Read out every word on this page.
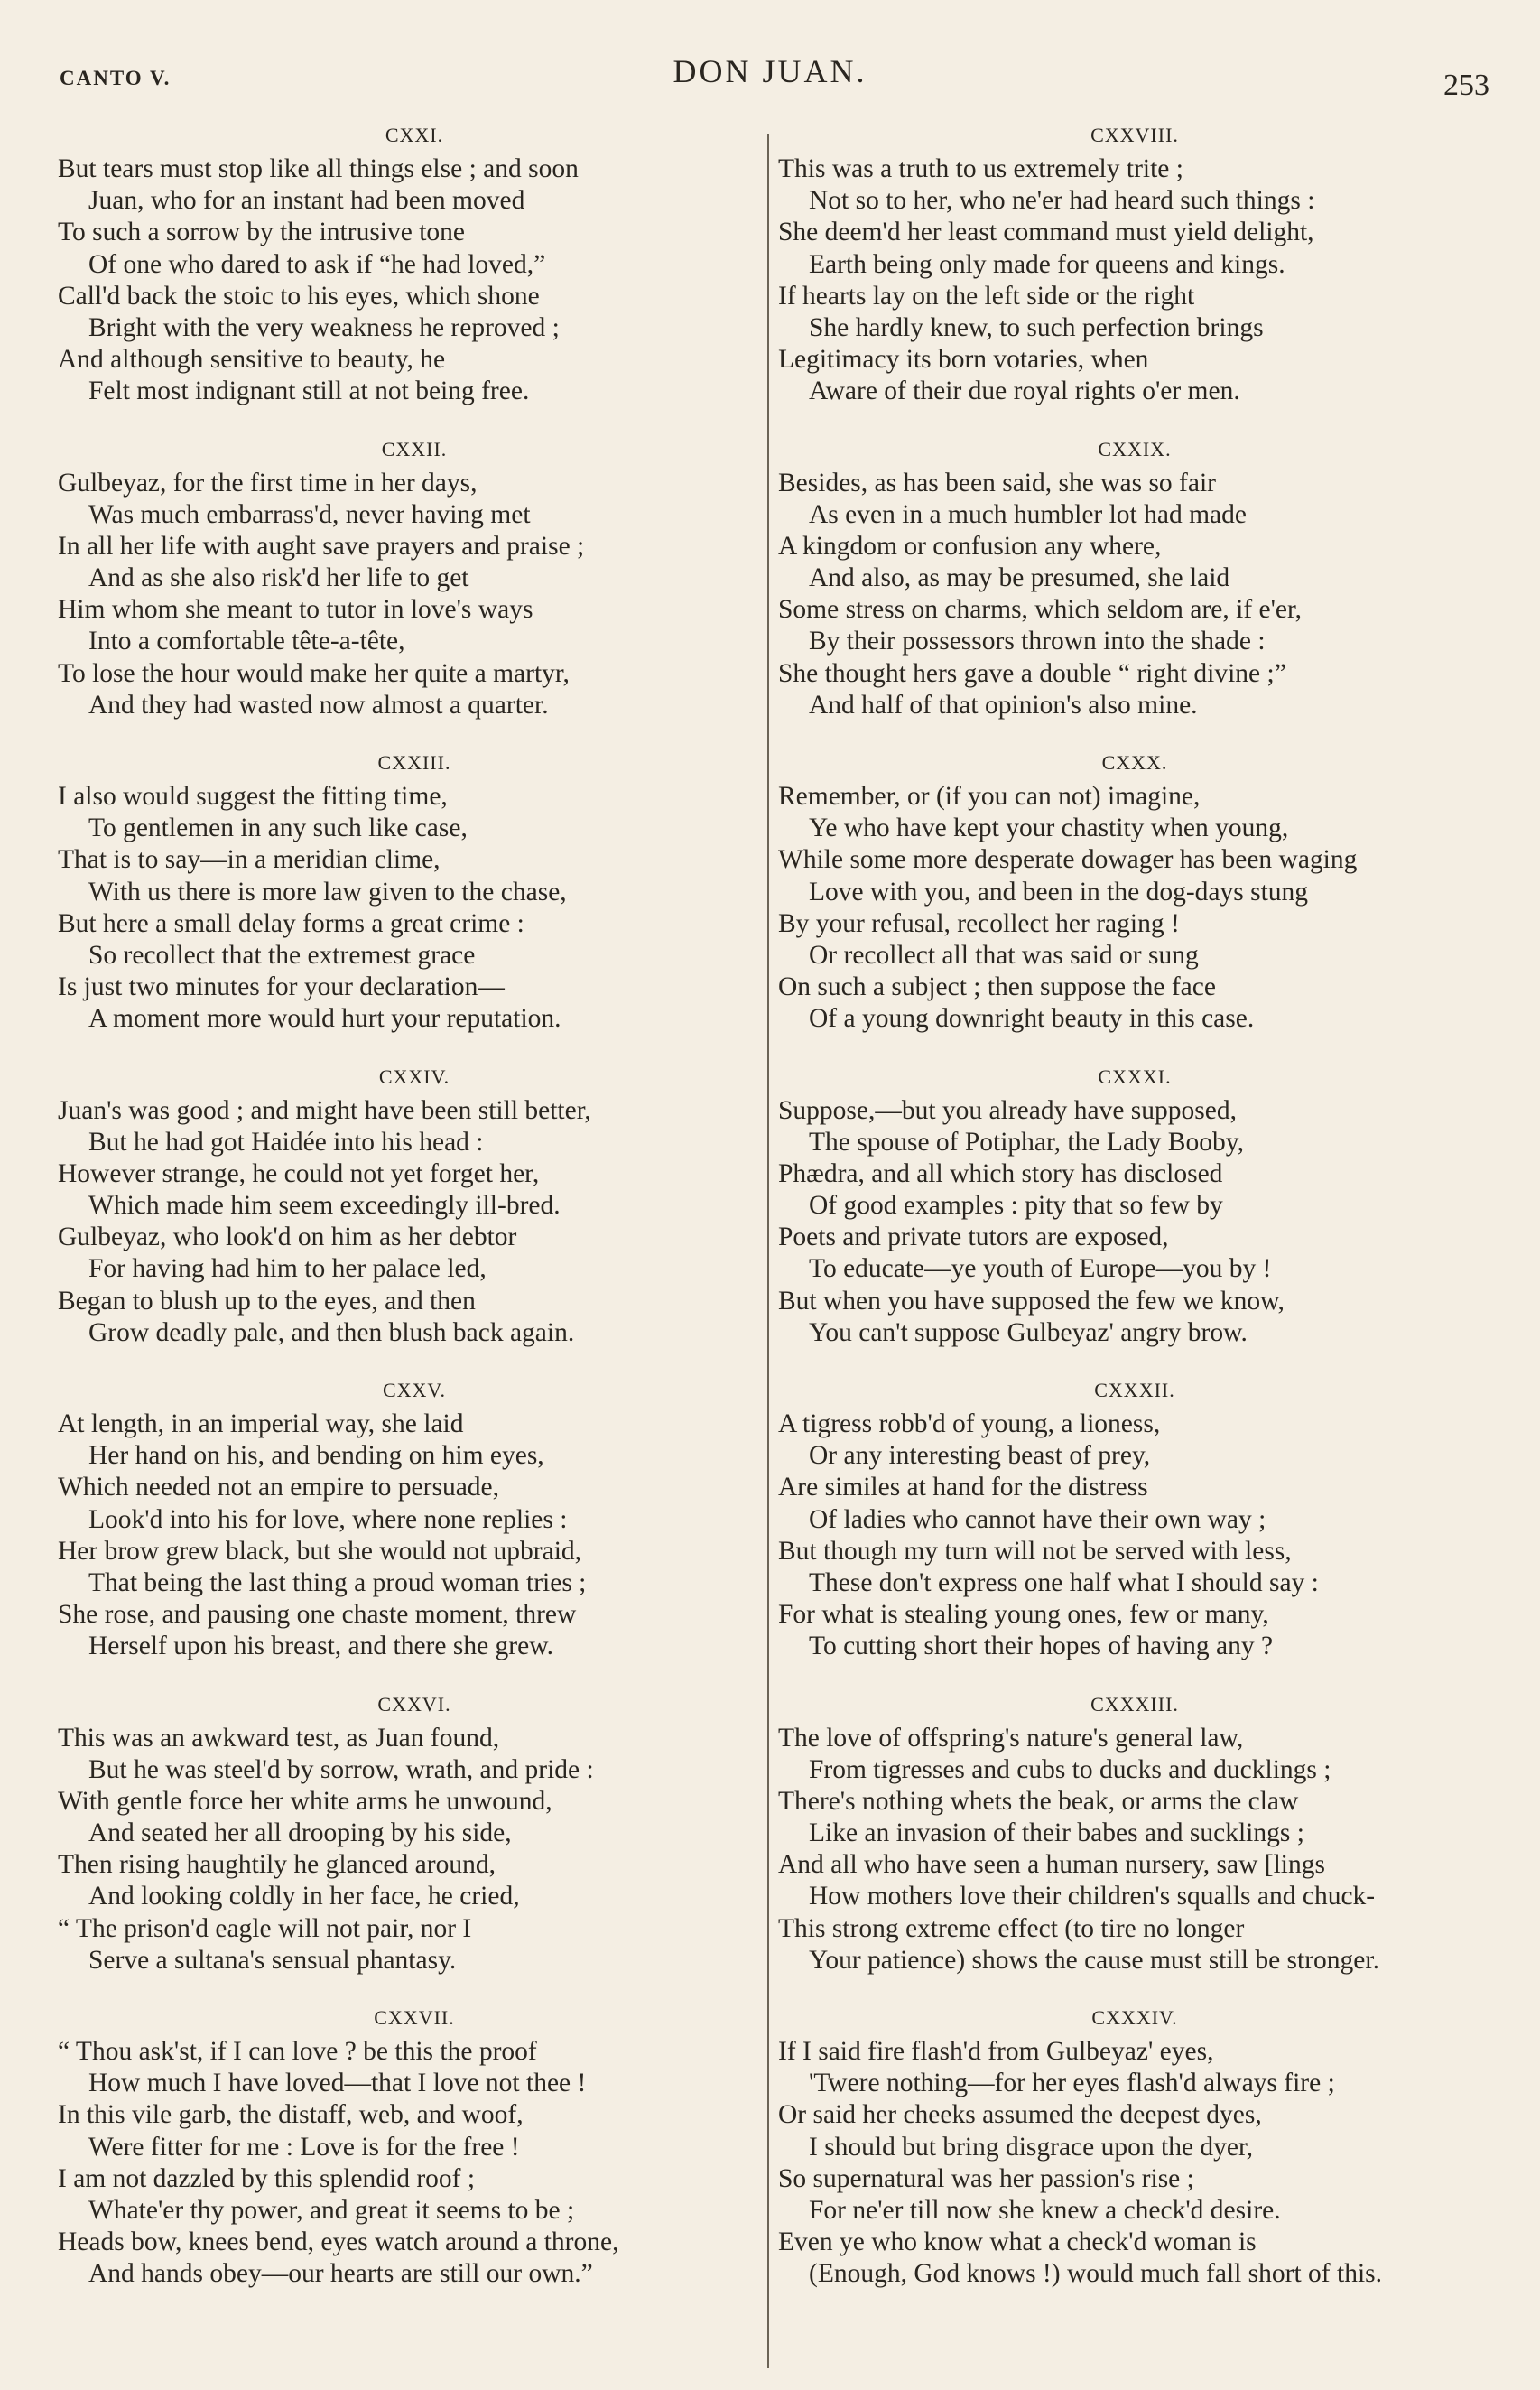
CANTO V.	DON JUAN.	253
CXXI.
But tears must stop like all things else ; and soon
Juan, who for an instant had been moved
To such a sorrow by the intrusive tone
Of one who dared to ask if “he had loved,”
Call'd back the stoic to his eyes, which shone
Bright with the very weakness he reproved ;
And although sensitive to beauty, he
Felt most indignant still at not being free.
CXXII.
Gulbeyaz, for the first time in her days,
Was much embarrass'd, never having met
In all her life with aught save prayers and praise ;
And as she also risk'd her life to get
Him whom she meant to tutor in love's ways
Into a comfortable tête-a-tête,
To lose the hour would make her quite a martyr,
And they had wasted now almost a quarter.
CXXIII.
I also would suggest the fitting time,
To gentlemen in any such like case,
That is to say—in a meridian clime,
With us there is more law given to the chase,
But here a small delay forms a great crime :
So recollect that the extremest grace
Is just two minutes for your declaration—
A moment more would hurt your reputation.
CXXIV.
Juan's was good ; and might have been still better,
But he had got Haidée into his head :
However strange, he could not yet forget her,
Which made him seem exceedingly ill-bred.
Gulbeyaz, who look'd on him as her debtor
For having had him to her palace led,
Began to blush up to the eyes, and then
Grow deadly pale, and then blush back again.
CXXV.
At length, in an imperial way, she laid
Her hand on his, and bending on him eyes,
Which needed not an empire to persuade,
Look'd into his for love, where none replies :
Her brow grew black, but she would not upbraid,
That being the last thing a proud woman tries ;
She rose, and pausing one chaste moment, threw
Herself upon his breast, and there she grew.
CXXVI.
This was an awkward test, as Juan found,
But he was steel'd by sorrow, wrath, and pride :
With gentle force her white arms he unwound,
And seated her all drooping by his side,
Then rising haughtily he glanced around,
And looking coldly in her face, he cried,
“ The prison'd eagle will not pair, nor I
Serve a sultana's sensual phantasy.
CXXVII.
“ Thou ask'st, if I can love ? be this the proof
How much I have loved—that I love not thee !
In this vile garb, the distaff, web, and woof,
Were fitter for me : Love is for the free !
I am not dazzled by this splendid roof ;
Whate'er thy power, and great it seems to be ;
Heads bow, knees bend, eyes watch around a throne,
And hands obey—our hearts are still our own.”
CXXVIII.
This was a truth to us extremely trite ;
Not so to her, who ne'er had heard such things :
She deem'd her least command must yield delight,
Earth being only made for queens and kings.
If hearts lay on the left side or the right
She hardly knew, to such perfection brings
Legitimacy its born votaries, when
Aware of their due royal rights o'er men.
CXXIX.
Besides, as has been said, she was so fair
As even in a much humbler lot had made
A kingdom or confusion any where,
And also, as may be presumed, she laid
Some stress on charms, which seldom are, if e'er,
By their possessors thrown into the shade :
She thought hers gave a double “ right divine ;”
And half of that opinion's also mine.
CXXX.
Remember, or (if you can not) imagine,
Ye who have kept your chastity when young,
While some more desperate dowager has been waging
Love with you, and been in the dog-days stung
By your refusal, recollect her raging !
Or recollect all that was said or sung
On such a subject ; then suppose the face
Of a young downright beauty in this case.
CXXXI.
Suppose,—but you already have supposed,
The spouse of Potiphar, the Lady Booby,
Phædra, and all which story has disclosed
Of good examples : pity that so few by
Poets and private tutors are exposed,
To educate—ye youth of Europe—you by !
But when you have supposed the few we know,
You can't suppose Gulbeyaz' angry brow.
CXXXII.
A tigress robb'd of young, a lioness,
Or any interesting beast of prey,
Are similes at hand for the distress
Of ladies who cannot have their own way ;
But though my turn will not be served with less,
These don't express one half what I should say :
For what is stealing young ones, few or many,
To cutting short their hopes of having any ?
CXXXIII.
The love of offspring's nature's general law,
From tigresses and cubs to ducks and ducklings ;
There's nothing whets the beak, or arms the claw
Like an invasion of their babes and sucklings ;
And all who have seen a human nursery, saw [lings
How mothers love their children's squalls and chuck-
This strong extreme effect (to tire no longer
Your patience) shows the cause must still be stronger.
CXXXIV.
If I said fire flash'd from Gulbeyaz' eyes,
'Twere nothing—for her eyes flash'd always fire ;
Or said her cheeks assumed the deepest dyes,
I should but bring disgrace upon the dyer,
So supernatural was her passion's rise ;
For ne'er till now she knew a check'd desire.
Even ye who know what a check'd woman is
(Enough, God knows !) would much fall short of this.
